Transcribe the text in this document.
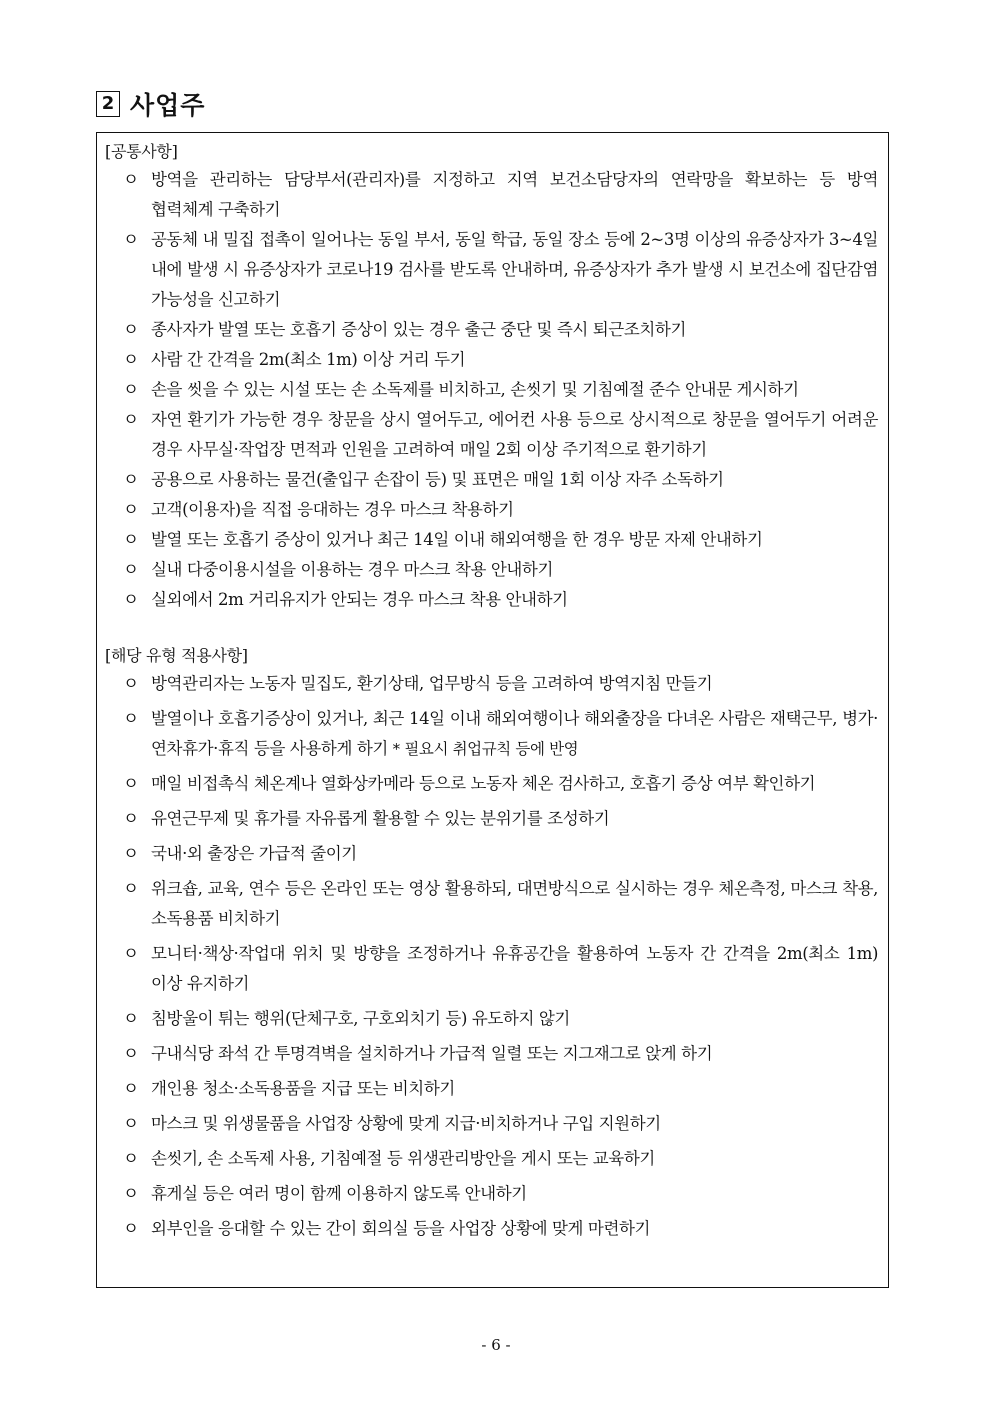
2 사업주
[공통사항]
ㅇ 방역을 관리하는 담당부서(관리자)를 지정하고 지역 보건소담당자의 연락망을 확보하는 등 방역 협력체계 구축하기
ㅇ 공동체 내 밀집 접촉이 일어나는 동일 부서, 동일 학급, 동일 장소 등에 2~3명 이상의 유증상자가 3~4일 내에 발생 시 유증상자가 코로나19 검사를 받도록 안내하며, 유증상자가 추가 발생 시 보건소에 집단감염 가능성을 신고하기
ㅇ 종사자가 발열 또는 호흡기 증상이 있는 경우 출근 중단 및 즉시 퇴근조치하기
ㅇ 사람 간 간격을 2m(최소 1m) 이상 거리 두기
ㅇ 손을 씻을 수 있는 시설 또는 손 소독제를 비치하고, 손씻기 및 기침예절 준수 안내문 게시하기
ㅇ 자연 환기가 가능한 경우 창문을 상시 열어두고, 에어컨 사용 등으로 상시적으로 창문을 열어두기 어려운 경우 사무실·작업장 면적과 인원을 고려하여 매일 2회 이상 주기적으로 환기하기
ㅇ 공용으로 사용하는 물건(출입구 손잡이 등) 및 표면은 매일 1회 이상 자주 소독하기
ㅇ 고객(이용자)을 직접 응대하는 경우 마스크 착용하기
ㅇ 발열 또는 호흡기 증상이 있거나 최근 14일 이내 해외여행을 한 경우 방문 자제 안내하기
ㅇ 실내 다중이용시설을 이용하는 경우 마스크 착용 안내하기
ㅇ 실외에서 2m 거리유지가 안되는 경우 마스크 착용 안내하기
[해당 유형 적용사항]
ㅇ 방역관리자는 노동자 밀집도, 환기상태, 업무방식 등을 고려하여 방역지침 만들기
ㅇ 발열이나 호흡기증상이 있거나, 최근 14일 이내 해외여행이나 해외출장을 다녀온 사람은 재택근무, 병가·연차휴가·휴직 등을 사용하게 하기 * 필요시 취업규칙 등에 반영
ㅇ 매일 비접촉식 체온계나 열화상카메라 등으로 노동자 체온 검사하고, 호흡기 증상 여부 확인하기
ㅇ 유연근무제 및 휴가를 자유롭게 활용할 수 있는 분위기를 조성하기
ㅇ 국내·외 출장은 가급적 줄이기
ㅇ 위크숍, 교육, 연수 등은 온라인 또는 영상 활용하되, 대면방식으로 실시하는 경우 체온측정, 마스크 착용, 소독용품 비치하기
ㅇ 모니터·책상·작업대 위치 및 방향을 조정하거나 유휴공간을 활용하여 노동자 간 간격을 2m(최소 1m) 이상 유지하기
ㅇ 침방울이 튀는 행위(단체구호, 구호외치기 등) 유도하지 않기
ㅇ 구내식당 좌석 간 투명격벽을 설치하거나 가급적 일렬 또는 지그재그로 앉게 하기
ㅇ 개인용 청소·소독용품을 지급 또는 비치하기
ㅇ 마스크 및 위생물품을 사업장 상황에 맞게 지급·비치하거나 구입 지원하기
ㅇ 손씻기, 손 소독제 사용, 기침예절 등 위생관리방안을 게시 또는 교육하기
ㅇ 휴게실 등은 여러 명이 함께 이용하지 않도록 안내하기
ㅇ 외부인을 응대할 수 있는 간이 회의실 등을 사업장 상황에 맞게 마련하기
- 6 -
